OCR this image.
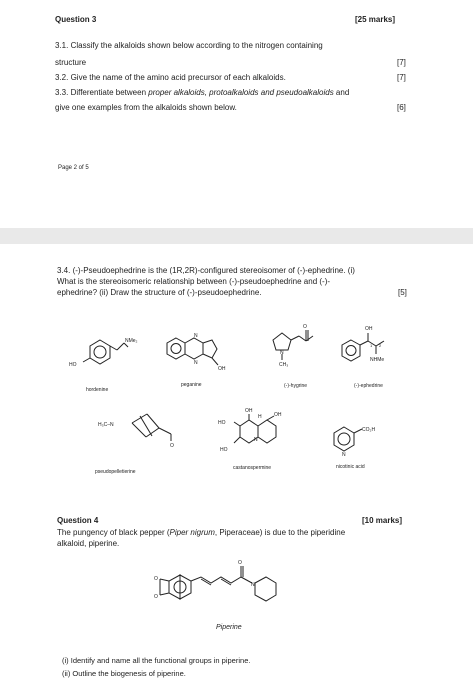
Question 3	[25 marks]
3.1. Classify the alkaloids shown below according to the nitrogen containing
structure	[7]
3.2. Give the name of the amino acid precursor of each alkaloids.	[7]
3.3. Differentiate between proper alkaloids, protoalkaloids and pseudoalkaloids and
give one examples from the alkaloids shown below.	[6]
Page 2 of 5
3.4. (-)-Pseudoephedrine is the (1R,2R)-configured stereoisomer of (-)-ephedrine. (i)
What is the stereoisomeric relationship between (-)-pseudoephedrine and (-)-
ephedrine? (ii) Draw the structure of (-)-pseudoephedrine.	[5]
HO
NMe₂
hordenine
N
N
OH
peganine
N
O
CH₃
(-)-hygrine
OH
1 2
NHMe
(-)-ephedrine
H₃C–N
O
pseudopelletierine
N
HO
OH
H OH
HO
castanospermine
CO₂H
N
nicotinic acid
Question 4	[10 marks]
The pungency of black pepper (Piper nigrum, Piperaceae) is due to the piperidine
alkaloid, piperine.
O
O
O
N
Piperine
(i) Identify and name all the functional groups in piperine.
(ii) Outline the biogenesis of piperine.
